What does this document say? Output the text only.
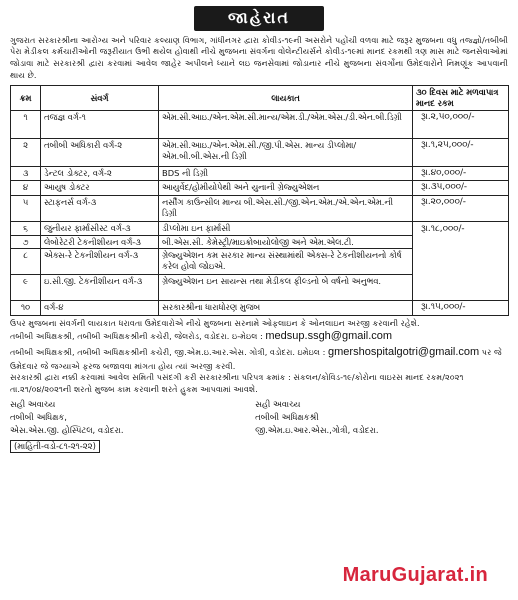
જાહેરાત

ગુજરાત સરકારશ્રીના આરોગ્ય અને પરિવાર કલ્યાણ વિભાગ, ગાંધીનગર દ્વારા કોવીડ-૧૯ની અસરોને પહોંચી વળવા માટે જરૂર મુજબના વધુ તજ્જ્ઞો/તબીબી પેરા મેડીકલ કર્મચારીઓની જરૂરીયાત ઉભી થયેલ હોવાથી નીચે મુજબના સંવર્ગના વોલેન્ટીયર્સને કોવીડ-૧૯માં માનદ રકમથી ત્રણ માસ માટે જનસેવાઓમાં જોડાવા માટે સરકારશ્રી દ્વારા કરવામાં આવેલ જાહેર અપીલને ધ્યાને લઇ જનસેવામાં જોડાનાર નીચે મુજબના સંવર્ગોના ઉમેદવારોને નિમણૂંક આપવાની થાય છે.

ક્રમ	સંવર્ગ	લાયકાત	૩૦ દિવસ માટે મળવાપાત્ર માનદ રકમ
૧	તજજ્ઞ વર્ગ-૧	એમ.સી.આઇ./એન.એમ.સી.માન્ય/એમ.ડી./એમ.એસ./ડી.એન.બી.ડિગ્રી	રૂા.૨,૫૦,૦૦૦/-
૨	તબીબી અધિકારી વર્ગ-૨	એમ.સી.આઇ./એન.એમ.સી./જી.પી.એસ. માન્ય ડીપ્લોમા/એમ.બી.બી.એસ.ની ડિગ્રી	રૂા.૧,૨૫,૦૦૦/-
૩	ડેન્ટલ ડોક્ટર, વર્ગ-૨	BDS ની ડિગ્રી	રૂા.૪૦,૦૦૦/-
૪	આયુષ ડોક્ટર	આયુર્વેદ/હોમીયોપેથી અને યુનાની ગ્રેજ્યુએશન	રૂા.૩૫,૦૦૦/-
૫	સ્ટાફનર્સ વર્ગ-૩	નર્સીંગ કાઉન્સીલ માન્ય બી.એસ.સી./જી.એન.એમ./એ.એન.એમ.ની ડિગ્રી	રૂા.૨૦,૦૦૦/-
૬	જુનીયર ફાર્માસીસ્ટ વર્ગ-૩	ડીપ્લોમા ઇન ફાર્માસી	રૂા.૧૮,૦૦૦/-
૭	લેબોરેટરી ટેકનીશીયન વર્ગ-૩	બી.એસ.સી. કેમેસ્ટ્રી/માઇક્રોબાયોલોજી અને એમ.એલ.ટી.	
૮	એક્સ-રે ટેકનીશીયન વર્ગ-૩	ગ્રેજ્યુએશન કમ સરકાર માન્ય સંસ્થામાંથી એક્સ-રે ટેકનીશીયનનો કોર્ષ કરેલ હોવો જોઇએ.	
૯	ઇ.સી.જી. ટેકનીશીયન વર્ગ-૩	ગ્રેજ્યુએશન ઇન સાયન્સ તથા મેડીકલ ફીલ્ડનો બે વર્ષનો અનુભવ.	
૧૦	વર્ગ-૪	સરકારશ્રીના ધારાધોરણ મુજબ	રૂા.૧૫,૦૦૦/-
ઉપર મુજબના સંવર્ગની લાયકાત ધરાવતા ઉમેદવારોએ નીચે મુજબના સરનામે ઓફલાઇન કે ઓનલાઇન અરજી કરવાની રહેશે.
તબીબી અધિક્ષકશ્રી, તબીબી અધિક્ષકશ્રીની કચેરી, જેલરોડ, વડોદરા. ઇ-મેઇલ : medsup.ssgh@gmail.com
તબીબી અધિક્ષકશ્રી, તબીબી અધિક્ષકશ્રીની કચેરી, જી.એમ.ઇ.આર.એસ. ગોત્રી, વડોદરા. ઇમેઇલ : gmershospitalgotri@gmail.com પર જે ઉમેદવાર જે જગ્યાએ ફરજ બજાવવા માંગતા હોય ત્યાં અરજી કરવી.
સરકારશ્રી દ્વારા નક્કી કરવામાં આવેલ સમિતી પસંદગી કરી સરકારશ્રીના પરિપત્ર ક્રમાંક : સંકલન/કોવિડ-૧૯/કોરોના વાઇરસ માનદ રકમ/૨૦૨૧ તા.૨૧/૦૪/૨૦૨૧ની શરતો મુજબ કામ કરવાની શરતે હુકમ આપવામાં આવશે.
સહી અવાચ્ય
તબીબી અધિક્ષક,
એસ.એસ.જી. હોસ્પિટલ, વડોદરા.
સહી અવાચ્ય
તબીબી અધિક્ષકશ્રી
જી.એમ.ઇ.આર.એસ.,ગોત્રી, વડોદરા.
(માહિતી-વડો-૮૧-૨૧-૨૨)
MaruGujarat.in
